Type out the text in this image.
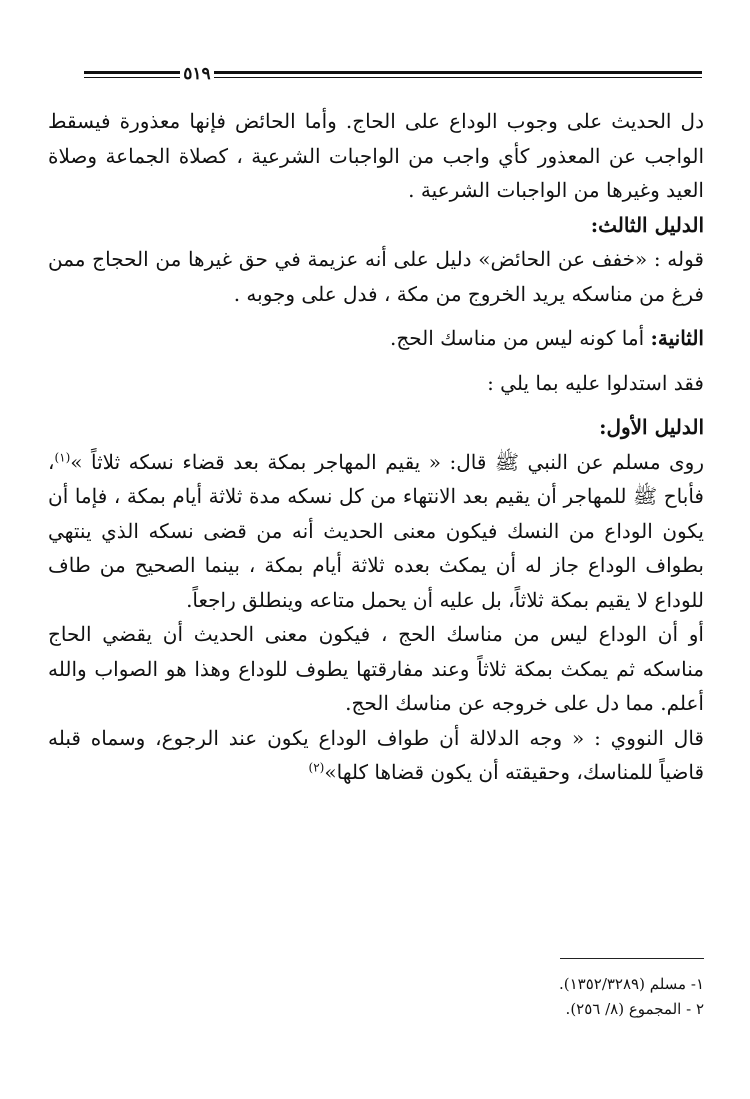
٥١٩

دل الحديث على وجوب الوداع على الحاج. وأما الحائض فإنها معذورة فيسقط الواجب عن المعذور كأي واجب من الواجبات الشرعية ، كصلاة الجماعة وصلاة العيد وغيرها من الواجبات الشرعية .

الدليل الثالث:

قوله : «خفف عن الحائض» دليل على أنه عزيمة في حق غيرها من الحجاج ممن فرغ من مناسكه يريد الخروج من مكة ، فدل على وجوبه .

الثانية: أما كونه ليس من مناسك الحج.

فقد استدلوا عليه بما يلي :

الدليل الأول:

روى مسلم عن النبي ﷺ قال: « يقيم المهاجر بمكة بعد قضاء نسكه ثلاثاً »$^{(١)}$، فأباح ﷺ للمهاجر أن يقيم بعد الانتهاء من كل نسكه مدة ثلاثة أيام بمكة ، فإما أن يكون الوداع من النسك فيكون معنى الحديث أنه من قضى نسكه الذي ينتهي بطواف الوداع جاز له أن يمكث بعده ثلاثة أيام بمكة ، بينما الصحيح من طاف للوداع لا يقيم بمكة ثلاثاً، بل عليه أن يحمل متاعه وينطلق راجعاً.

أو أن الوداع ليس من مناسك الحج ، فيكون معنى الحديث أن يقضي الحاج مناسكه ثم يمكث بمكة ثلاثاً وعند مفارقتها يطوف للوداع وهذا هو الصواب والله أعلم. مما دل على خروجه عن مناسك الحج.

قال النووي : « وجه الدلالة أن طواف الوداع يكون عند الرجوع، وسماه قبله قاضياً للمناسك، وحقيقته أن يكون قضاها كلها»$^{(٢)}$

١- مسلم (١٣٥٢/٣٢٨٩).

٢ - المجموع (٨/ ٢٥٦).
